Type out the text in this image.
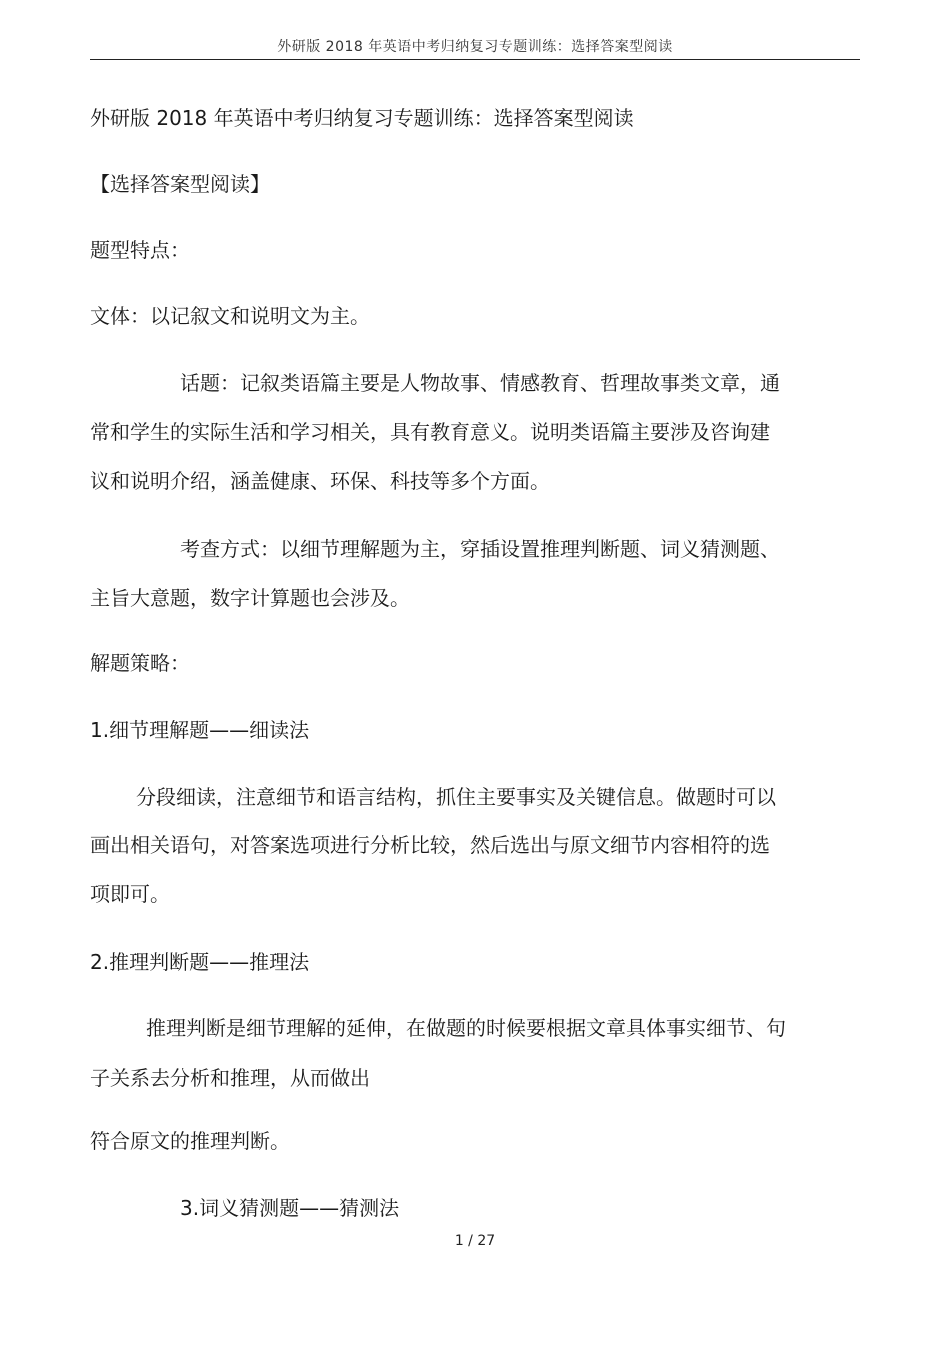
外研版 2018 年英语中考归纳复习专题训练：选择答案型阅读
外研版 2018 年英语中考归纳复习专题训练：选择答案型阅读
【选择答案型阅读】
题型特点：
文体：以记叙文和说明文为主。
话题：记叙类语篇主要是人物故事、情感教育、哲理故事类文章，通
常和学生的实际生活和学习相关，具有教育意义。说明类语篇主要涉及咨询建
议和说明介绍，涵盖健康、环保、科技等多个方面。
考查方式：以细节理解题为主，穿插设置推理判断题、词义猜测题、
主旨大意题，数字计算题也会涉及。
解题策略：
1.细节理解题——细读法
分段细读，注意细节和语言结构，抓住主要事实及关键信息。做题时可以
画出相关语句，对答案选项进行分析比较，然后选出与原文细节内容相符的选
项即可。
2.推理判断题——推理法
推理判断是细节理解的延伸，在做题的时候要根据文章具体事实细节、句
子关系去分析和推理，从而做出
符合原文的推理判断。
3.词义猜测题——猜测法
1 / 27
